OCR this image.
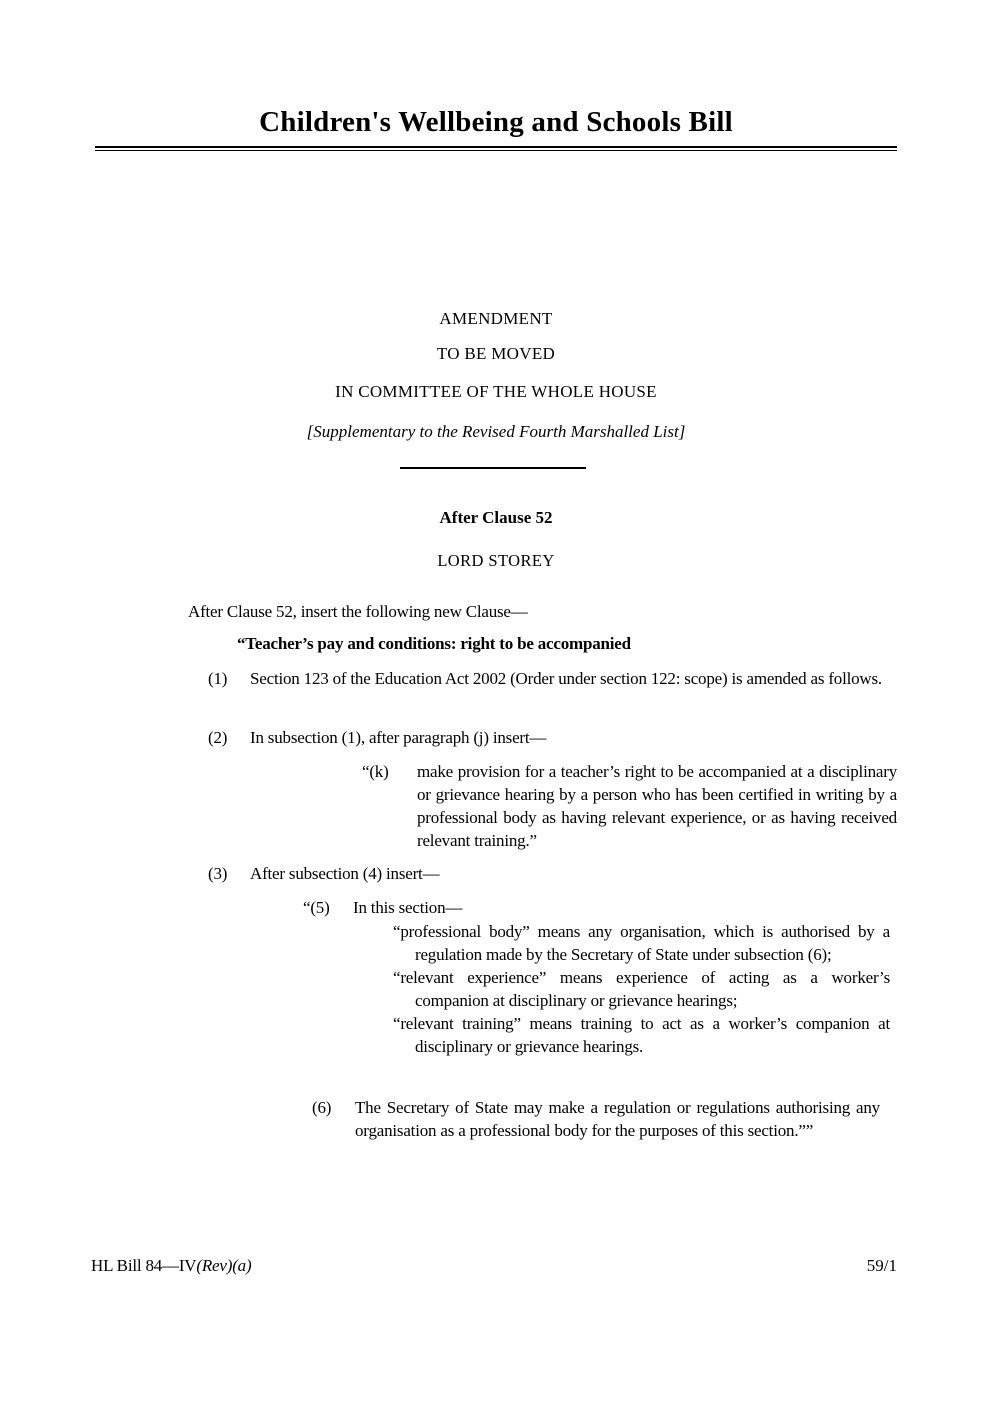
Children's Wellbeing and Schools Bill
AMENDMENT
TO BE MOVED
IN COMMITTEE OF THE WHOLE HOUSE
[Supplementary to the Revised Fourth Marshalled List]
After Clause 52
LORD STOREY
After Clause 52, insert the following new Clause—
“Teacher’s pay and conditions: right to be accompanied
(1) Section 123 of the Education Act 2002 (Order under section 122: scope) is amended as follows.
(2) In subsection (1), after paragraph (j) insert—
“(k) make provision for a teacher’s right to be accompanied at a disciplinary or grievance hearing by a person who has been certified in writing by a professional body as having relevant experience, or as having received relevant training.”
(3) After subsection (4) insert—
“(5) In this section—

“professional body” means any organisation, which is authorised by a regulation made by the Secretary of State under subsection (6);

“relevant experience” means experience of acting as a worker’s companion at disciplinary or grievance hearings;

“relevant training” means training to act as a worker’s companion at disciplinary or grievance hearings.

(6) The Secretary of State may make a regulation or regulations authorising any organisation as a professional body for the purposes of this section.””
HL Bill 84—IV(Rev)(a)	59/1
